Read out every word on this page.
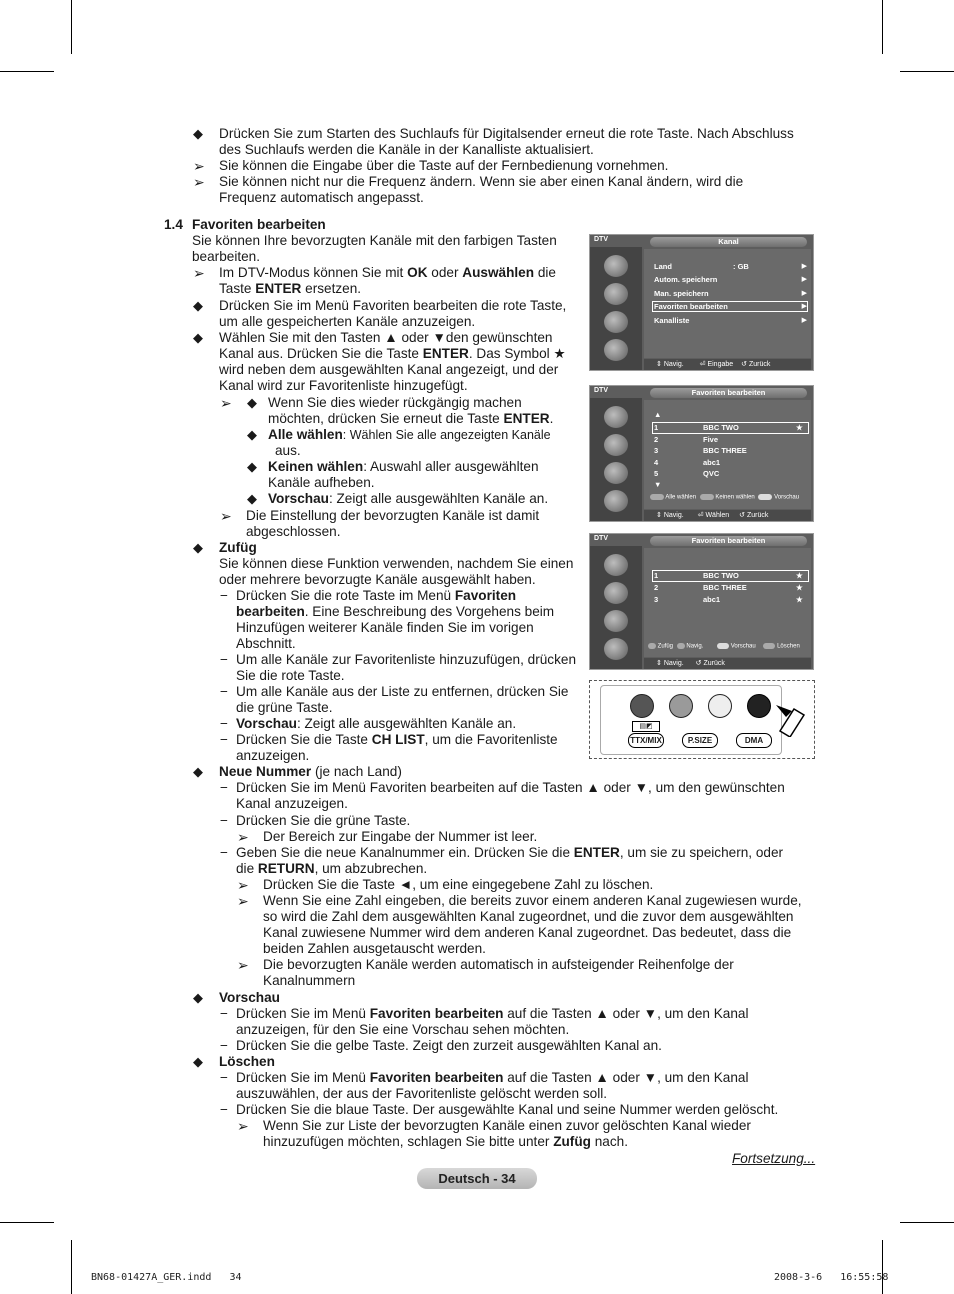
◆ Drücken Sie zum Starten des Suchlaufs für Digitalsender erneut die rote Taste. Nach Abschluss
des Suchlaufs werden die Kanäle in der Kanalliste aktualisiert.
➢ Sie können die Eingabe über die Taste auf der Fernbedienung vornehmen.
➢ Sie können nicht nur die Frequenz ändern. Wenn sie aber einen Kanal ändern, wird die
Frequenz automatisch angepasst.
1.4 Favoriten bearbeiten
Sie können Ihre bevorzugten Kanäle mit den farbigen Tasten
bearbeiten.
➢ Im DTV-Modus können Sie mit OK oder Auswählen die
Taste ENTER ersetzen.
◆ Drücken Sie im Menü Favoriten bearbeiten die rote Taste,
um alle gespeicherten Kanäle anzuzeigen.
◆ Wählen Sie mit den Tasten ▲ oder ▼den gewünschten
Kanal aus. Drücken Sie die Taste ENTER. Das Symbol ★
wird neben dem ausgewählten Kanal angezeigt, und der
Kanal wird zur Favoritenliste hinzugefügt.
➢ ◆ Wenn Sie dies wieder rückgängig machen
möchten, drücken Sie erneut die Taste ENTER.
◆ Alle wählen: Wählen Sie alle angezeigten Kanäle
aus.
◆ Keinen wählen: Auswahl aller ausgewählten
Kanäle aufheben.
◆ Vorschau: Zeigt alle ausgewählten Kanäle an.
➢ Die Einstellung der bevorzugten Kanäle ist damit
abgeschlossen.
◆ Zufüg
Sie können diese Funktion verwenden, nachdem Sie einen
oder mehrere bevorzugte Kanäle ausgewählt haben.
− Drücken Sie die rote Taste im Menü Favoriten
bearbeiten. Eine Beschreibung des Vorgehens beim
Hinzufügen weiterer Kanäle finden Sie im vorigen
Abschnitt.
− Um alle Kanäle zur Favoritenliste hinzuzufügen, drücken
Sie die rote Taste.
− Um alle Kanäle aus der Liste zu entfernen, drücken Sie
die grüne Taste.
− Vorschau: Zeigt alle ausgewählten Kanäle an.
− Drücken Sie die Taste CH LIST, um die Favoritenliste
anzuzeigen.
◆ Neue Nummer (je nach Land)
− Drücken Sie im Menü Favoriten bearbeiten auf die Tasten ▲ oder ▼, um den gewünschten
Kanal anzuzeigen.
− Drücken Sie die grüne Taste.
➢ Der Bereich zur Eingabe der Nummer ist leer.
− Geben Sie die neue Kanalnummer ein. Drücken Sie die ENTER, um sie zu speichern, oder
die RETURN, um abzubrechen.
➢ Drücken Sie die Taste ◄, um eine eingegebene Zahl zu löschen.
➢ Wenn Sie eine Zahl eingeben, die bereits zuvor einem anderen Kanal zugewiesen wurde,
so wird die Zahl dem ausgewählten Kanal zugeordnet, und die zuvor dem ausgewählten
Kanal zuwiesene Nummer wird dem anderen Kanal zugeordnet. Das bedeutet, dass die
beiden Zahlen ausgetauscht werden.
➢ Die bevorzugten Kanäle werden automatisch in aufsteigender Reihenfolge der
Kanalnummern
◆ Vorschau
− Drücken Sie im Menü Favoriten bearbeiten auf die Tasten ▲ oder ▼, um den Kanal
anzuzeigen, für den Sie eine Vorschau sehen möchten.
− Drücken Sie die gelbe Taste. Zeigt den zurzeit ausgewählten Kanal an.
◆ Löschen
− Drücken Sie im Menü Favoriten bearbeiten auf die Tasten ▲ oder ▼, um den Kanal
auszuwählen, der aus der Favoritenliste gelöscht werden soll.
− Drücken Sie die blaue Taste. Der ausgewählte Kanal und seine Nummer werden gelöscht.
➢ Wenn Sie zur Liste der bevorzugten Kanäle einen zuvor gelöschten Kanal wieder
hinzuzufügen möchten, schlagen Sie bitte unter Zufüg nach.
Fortsetzung...
Deutsch - 34
BN68-01427A_GER.indd   34	2008-3-6   16:55:58
DTV	Kanal
Land	: GB	▶
Autom. speichern	▶
Man. speichern	▶
Favoriten bearbeiten	▶
Kanalliste	▶
⇕ Navig. ⏎ Eingabe ↺ Zurück
DTV	Favoriten bearbeiten
▲
1	BBC TWO	★
2	Five
3	BBC THREE
4	abc1
5	QVC
▼
Alle wählen	Keinen wählen	Vorschau
⇕ Navig. ⏎ Wählen ↺ Zurück
DTV	Favoriten bearbeiten
1	BBC TWO	★
2	BBC THREE	★
3	abc1	★
Zufüg Navig.	Vorschau	Löschen
⇕ Navig. ↺ Zurück
▤◩
TTX/MIX	P.SIZE	DMA
